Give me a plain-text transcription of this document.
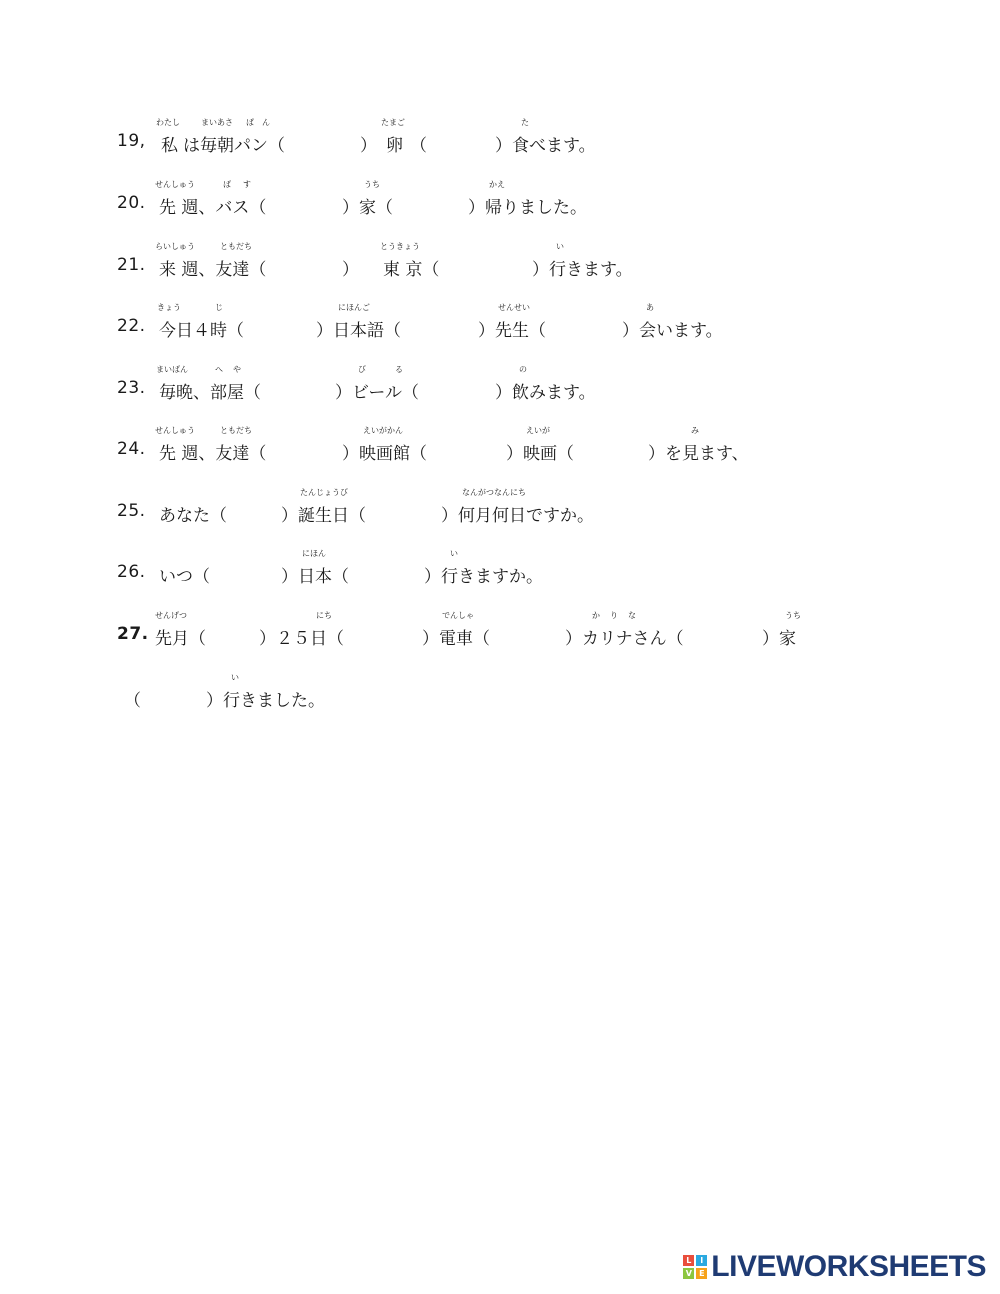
19,
わたし	まいあさ ぱ ん	たまご	た
私 は毎朝パン（	） 卵 （	）食べます。
20.
せんしゅう	ば す	うち	かえ
先 週、バス（	）家（	）帰りました。
21.
らいしゅう	ともだち	とうきょう	い
来 週、友達（	） 東 京（	）行きます。
22.
きょう	じ	にほんご	せんせい	あ
今日４時（	）日本語（	）先生（	）会います。
23.
まいばん	へ や	び	る	の
毎晩、部屋（	）ビール（	）飲みます。
24.
せんしゅう	ともだち	えいがかん	えいが	み
先 週、友達（	）映画館（	）映画（	）を見ます、
25.
たんじょうび	なんがつなんにち
あなた（	）誕生日（	）何月何日ですか。
26.
にほん	い
いつ（	）日本（	）行きますか。
27.
せんげつ	にち	でんしゃ	か り な	うち
先月（	）２５日（	）電車（	）カリナさん（	）家
い
（	）行きました。
L	I
V E LIVEWORKSHEETS
